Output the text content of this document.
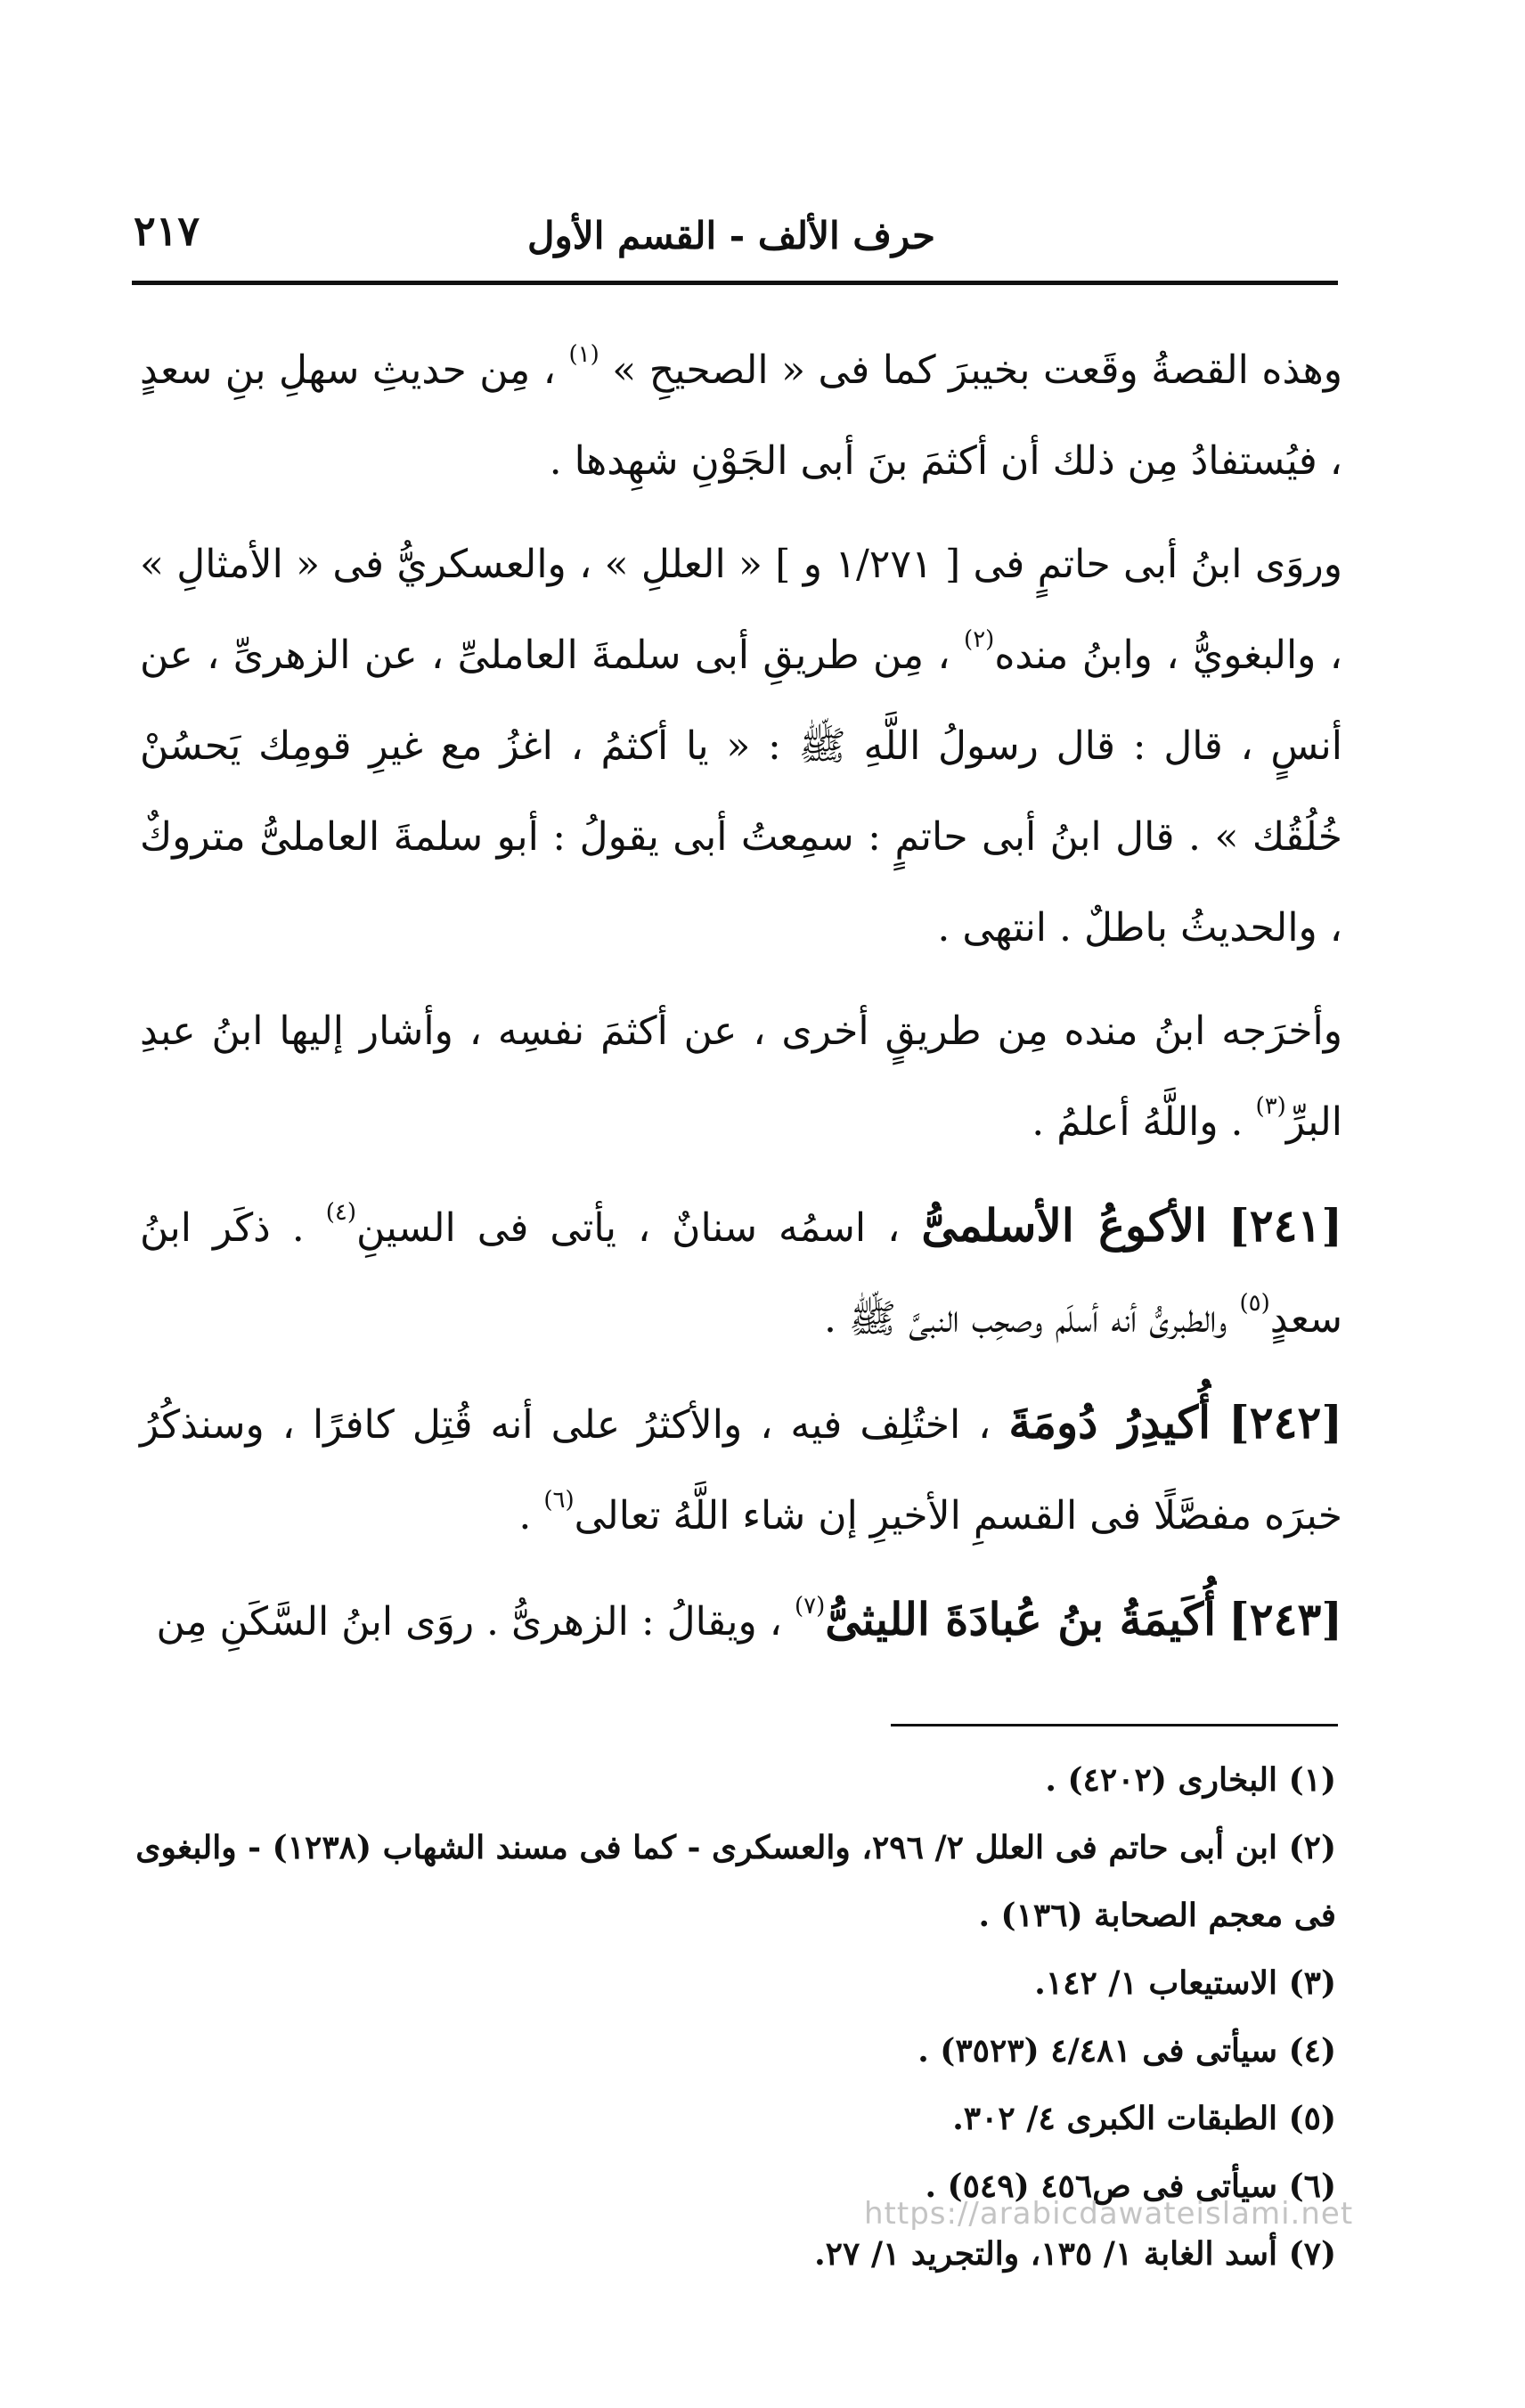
حرف الألف - القسم الأول
٢١٧

وهذه القصةُ وقَعت بخيبرَ كما فى « الصحيحِ » $^{(١)}$ ، مِن حديثِ سهلِ بنِ سعدٍ ، فيُستفادُ مِن ذلك أن أكثمَ بنَ أبى الجَوْنِ شهِدها .

وروَى ابنُ أبى حاتمٍ فى [ ١/٢٧١ و ] « العللِ » ، والعسكريُّ فى « الأمثالِ » ، والبغويُّ ، وابنُ منده$^{(٢)}$ ، مِن طريقِ أبى سلمةَ العاملىِّ ، عن الزهرىِّ ، عن أنسٍ ، قال : قال رسولُ اللَّهِ ﷺ : « يا أكثمُ ، اغزُ مع غيرِ قومِك يَحسُنْ خُلُقُك » . قال ابنُ أبى حاتمٍ : سمِعتُ أبى يقولُ : أبو سلمةَ العاملىُّ متروكٌ ، والحديثُ باطلٌ . انتهى .

وأخرَجه ابنُ منده مِن طريقٍ أخرى ، عن أكثمَ نفسِه ، وأشار إليها ابنُ عبدِ البرِّ$^{(٣)}$ . واللَّهُ أعلمُ .

[٢٤١] الأكوعُ الأسلمىُّ ، اسمُه سنانٌ ، يأتى فى السينِ$^{(٤)}$ . ذكَر ابنُ سعدٍ$^{(٥)}$ والطبرىُّ أنه أسلَم وصحِب النبىَّ ﷺ .

[٢٤٢] أُكيدِرُ دُومَةَ ، اختُلِف فيه ، والأكثرُ على أنه قُتِل كافرًا ، وسنذكُرُ خبرَه مفصَّلًا فى القسمِ الأخيرِ إن شاء اللَّهُ تعالى$^{(٦)}$ .

[٢٤٣] أُكَيمَةُ بنُ عُبادَةَ الليثىُّ$^{(٧)}$ ، ويقالُ : الزهرىُّ . روَى ابنُ السَّكَنِ مِن

(١) البخارى (٤٢٠٢) .

(٢) ابن أبى حاتم فى العلل ٢/ ٢٩٦، والعسكرى - كما فى مسند الشهاب (١٢٣٨) - والبغوى فى معجم الصحابة (١٣٦) .

(٣) الاستيعاب ١/ ١٤٢.

(٤) سيأتى فى ٤/٤٨١ (٣٥٢٣) .

(٥) الطبقات الكبرى ٤/ ٣٠٢.

(٦) سيأتى فى ص٤٥٦ (٥٤٩) .

(٧) أسد الغابة ١/ ١٣٥، والتجريد ١/ ٢٧.

https://arabicdawateislami.net
